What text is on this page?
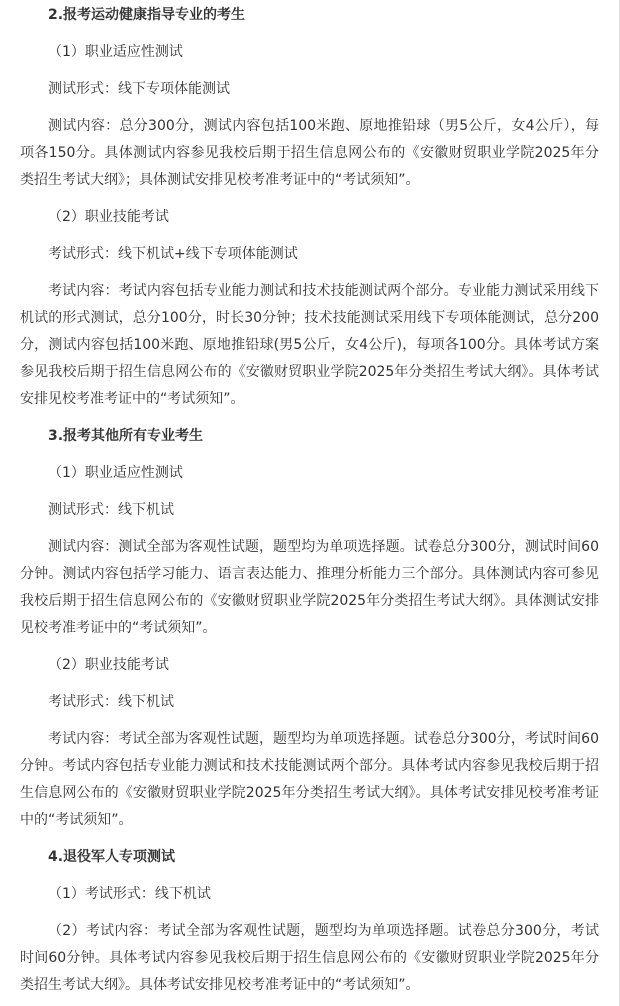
2.报考运动健康指导专业的考生

（1）职业适应性测试

测试形式：线下专项体能测试

测试内容：总分300分，测试内容包括100米跑、原地推铅球（男5公斤，女4公斤），每项各150分。具体测试内容参见我校后期于招生信息网公布的《安徽财贸职业学院2025年分类招生考试大纲》；具体测试安排见校考准考证中的“考试须知”。

（2）职业技能考试

考试形式：线下机试+线下专项体能测试

考试内容：考试内容包括专业能力测试和技术技能测试两个部分。专业能力测试采用线下机试的形式测试，总分100分，时长30分钟；技术技能测试采用线下专项体能测试，总分200分，测试内容包括100米跑、原地推铅球(男5公斤，女4公斤)，每项各100分。具体考试方案参见我校后期于招生信息网公布的《安徽财贸职业学院2025年分类招生考试大纲》。具体考试安排见校考准考证中的“考试须知”。

3.报考其他所有专业考生

（1）职业适应性测试

测试形式：线下机试

测试内容：测试全部为客观性试题，题型均为单项选择题。试卷总分300分，测试时间60分钟。测试内容包括学习能力、语言表达能力、推理分析能力三个部分。具体测试内容可参见我校后期于招生信息网公布的《安徽财贸职业学院2025年分类招生考试大纲》。具体测试安排见校考准考证中的“考试须知”。

（2）职业技能考试

考试形式：线下机试

考试内容：考试全部为客观性试题，题型均为单项选择题。试卷总分300分，考试时间60分钟。考试内容包括专业能力测试和技术技能测试两个部分。具体考试内容参见我校后期于招生信息网公布的《安徽财贸职业学院2025年分类招生考试大纲》。具体考试安排见校考准考证中的“考试须知”。

4.退役军人专项测试

（1）考试形式：线下机试

（2）考试内容：考试全部为客观性试题，题型均为单项选择题。试卷总分300分，考试时间60分钟。具体考试内容参见我校后期于招生信息网公布的《安徽财贸职业学院2025年分类招生考试大纲》。具体考试安排见校考准考证中的“考试须知”。
